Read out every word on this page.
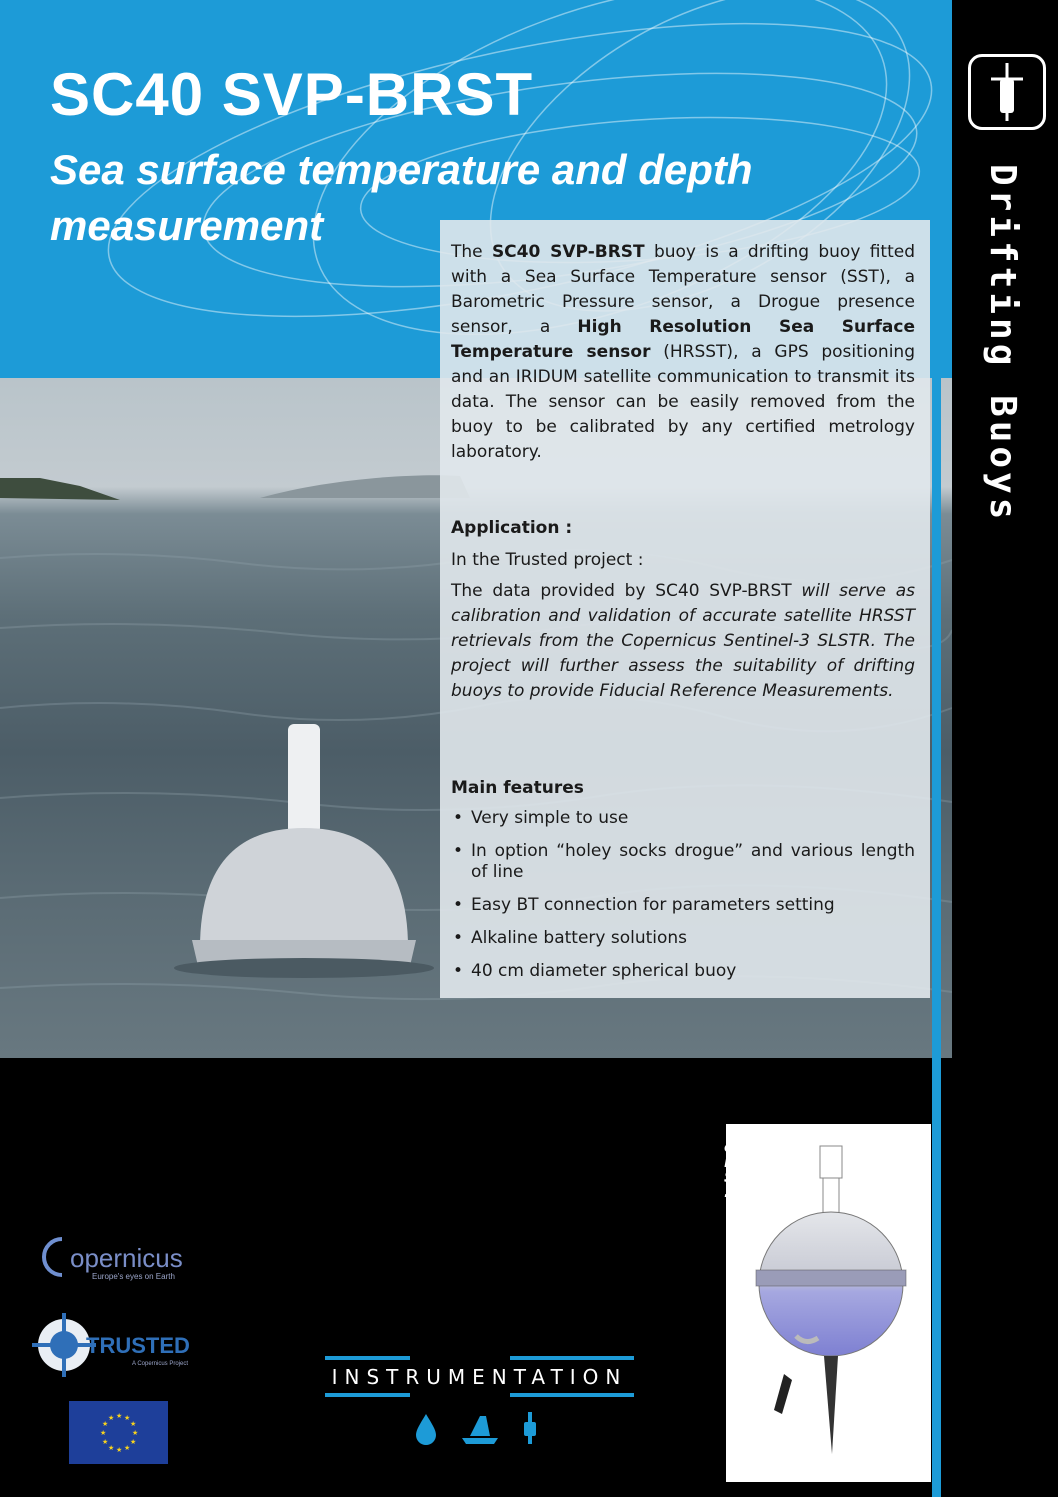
Drifting Buoys
SC40 SVP-BRST
Sea surface temperature and depth measurement
The SC40 SVP-BRST buoy is a drifting buoy fitted with a Sea Surface Temperature sensor (SST), a Barometric Pressure sensor, a Drogue presence sensor, a High Resolution Sea Surface Temperature sensor (HRSST), a GPS positioning and an IRIDUM satellite communication to transmit its data. The sensor can be easily removed from the buoy to be calibrated by any certified metrology laboratory.
Application :
In the Trusted project :
The data provided by SC40 SVP-BRST will serve as calibration and validation of accurate satellite HRSST retrievals from the Copernicus Sentinel-3 SLSTR. The project will further assess the suitability of drifting buoys to provide Fiducial Reference Measurements.
Main features
• Very simple to use
• In option “holey socks drogue” and various length of line
• Easy BT connection for parameters setting
• Alkaline battery solutions
• 40 cm diameter spherical buoy
on
mi-
S-
.
opernicus
Europe's eyes on Earth
TRUSTED
A Copernicus Project
★ ★
★
★
★
★
★
★
★
★
★
★
INSTRUMENTATION
